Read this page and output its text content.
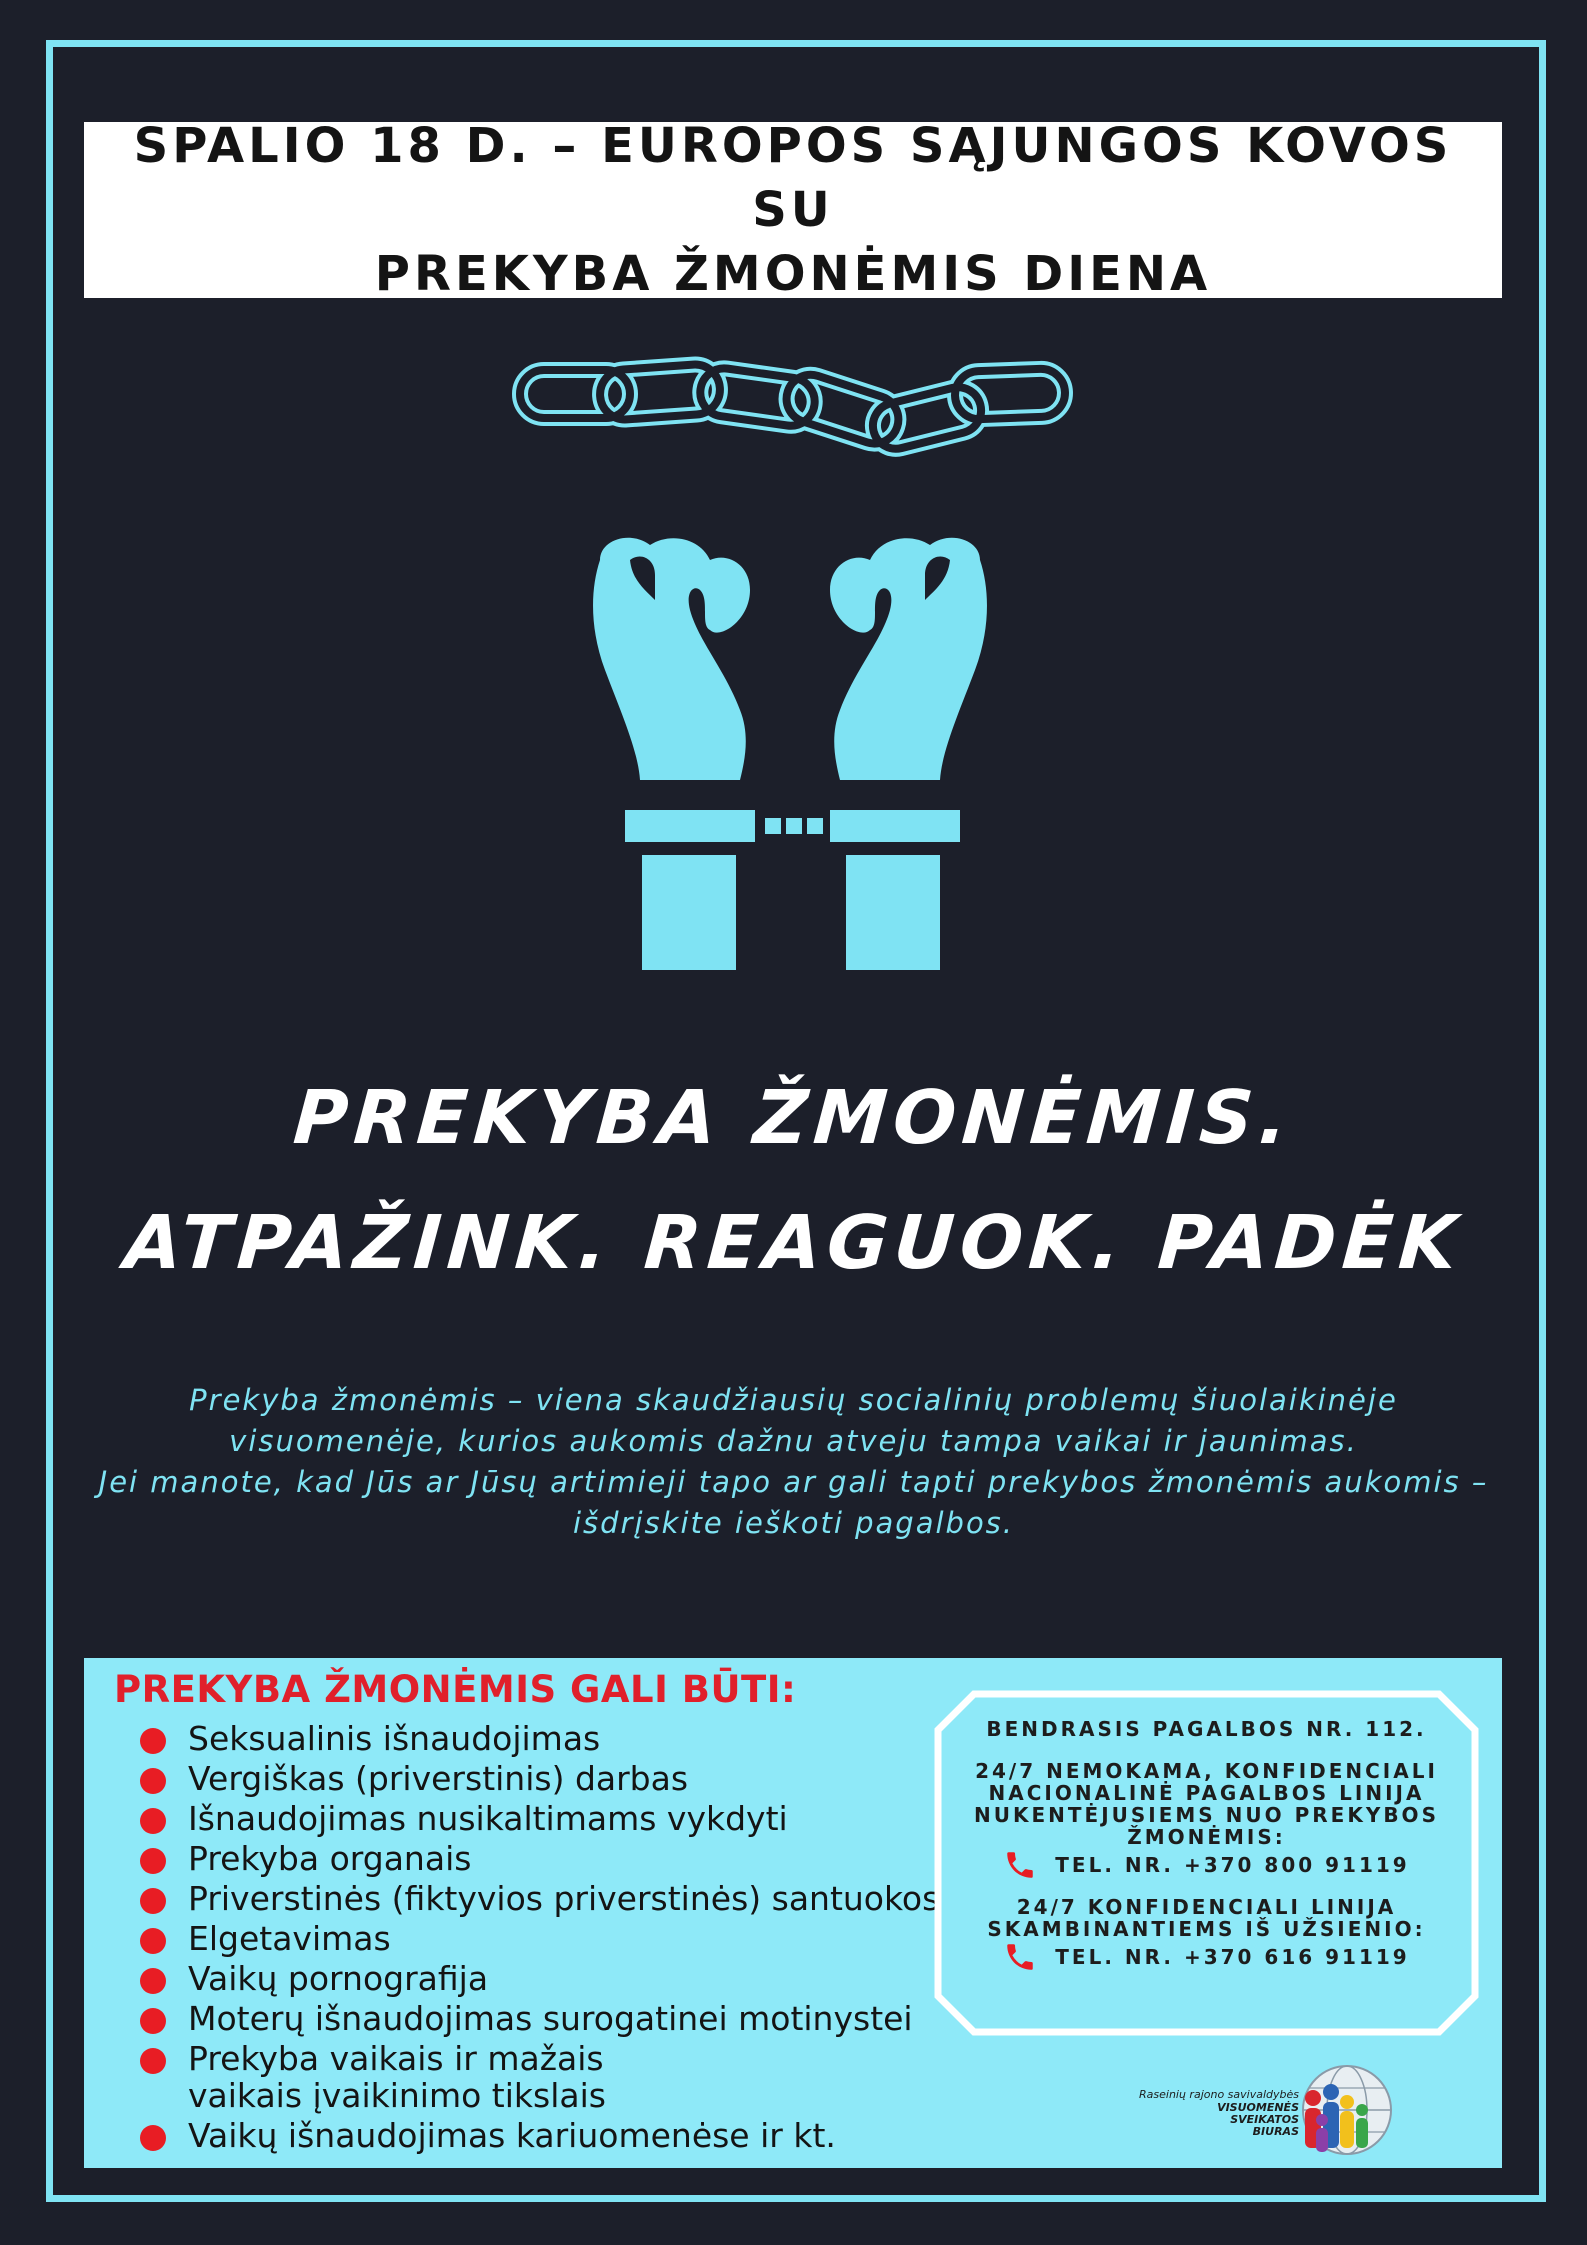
SPALIO 18 D. – EUROPOS SĄJUNGOS KOVOS SU
PREKYBA ŽMONĖMIS DIENA
PREKYBA ŽMONĖMIS.
ATPAŽINK. REAGUOK. PADĖK
Prekyba žmonėmis – viena skaudžiausių socialinių problemų šiuolaikinėje
visuomenėje, kurios aukomis dažnu atveju tampa vaikai ir jaunimas.
Jei manote, kad Jūs ar Jūsų artimieji tapo ar gali tapti prekybos žmonėmis aukomis –
išdrįskite ieškoti pagalbos.
PREKYBA ŽMONĖMIS GALI BŪTI:
Seksualinis išnaudojimas
Vergiškas (priverstinis) darbas
Išnaudojimas nusikaltimams vykdyti
Prekyba organais
Priverstinės (fiktyvios priverstinės) santuokos
Elgetavimas
Vaikų pornografija
Moterų išnaudojimas surogatinei motinystei
Prekyba vaikais ir mažais vaikais įvaikinimo tikslais
Vaikų išnaudojimas kariuomenėse ir kt.
BENDRASIS PAGALBOS NR. 112.
24/7 NEMOKAMA, KONFIDENCIALI
NACIONALINĖ PAGALBOS LINIJA
NUKENTĖJUSIEMS NUO PREKYBOS
ŽMONĖMIS:
TEL. NR. +370 800 91119
24/7 KONFIDENCIALI LINIJA
SKAMBINANTIEMS IŠ UŽSIENIO:
TEL. NR. +370 616 91119
Raseinių rajono savivaldybės
VISUOMENĖS
SVEIKATOS
BIURAS
